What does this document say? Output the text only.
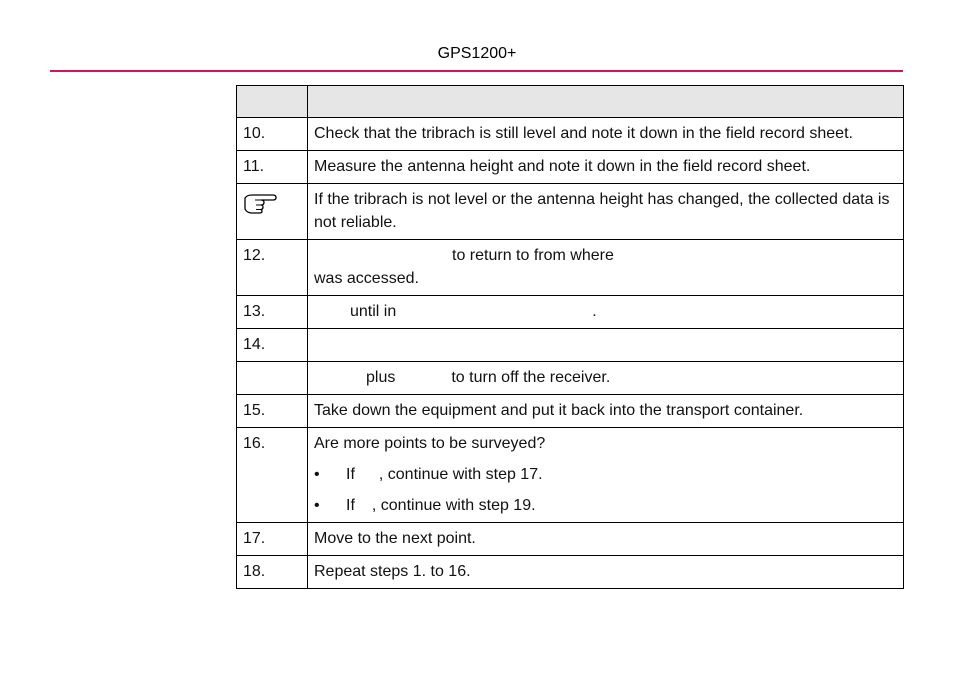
GPS1200+

10.	Check that the tribrach is still level and note it down in the field record sheet.
11.	Measure the antenna height and note it down in the field record sheet.
	If the tribrach is not level or the antenna height has changed, the collected data is not reliable.
12.	to return to from where
was accessed.
13.	until in .
14.	
	plus to turn off the receiver.
15.	Take down the equipment and put it back into the transport container.
16.	Are more points to be surveyed?
• If , continue with step 17.
• If , continue with step 19.

17.	Move to the next point.
18.	Repeat steps 1. to 16.
